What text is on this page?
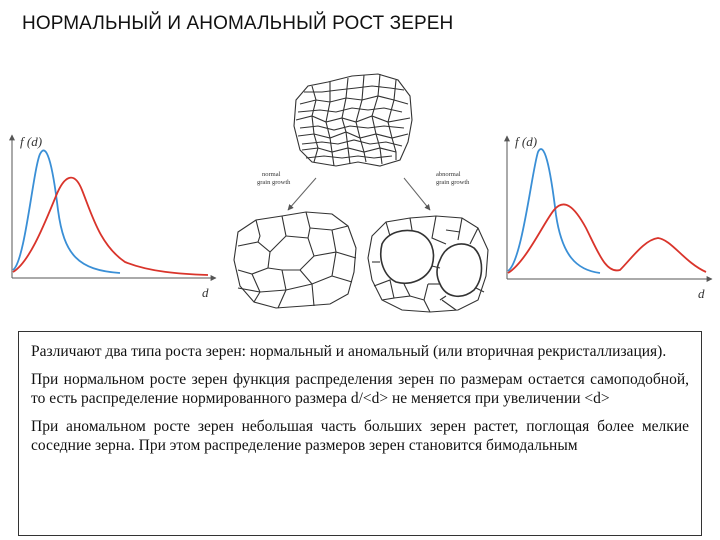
НОРМАЛЬНЫЙ И АНОМАЛЬНЫЙ РОСТ ЗЕРЕН
f (d)
d
f (d)
d
normal
grain growth
abnormal
grain growth

Различают два типа роста зерен: нормальный и аномальный (или вторичная рекристаллизация).

При нормальном росте зерен функция распределения зерен по размерам остается самоподобной, то есть распределение нормированного размера d/<d> не меняется при увеличении <d>

При аномальном росте зерен небольшая часть больших зерен растет, поглощая более мелкие соседние зерна. При этом распределение размеров зерен становится бимодальным
